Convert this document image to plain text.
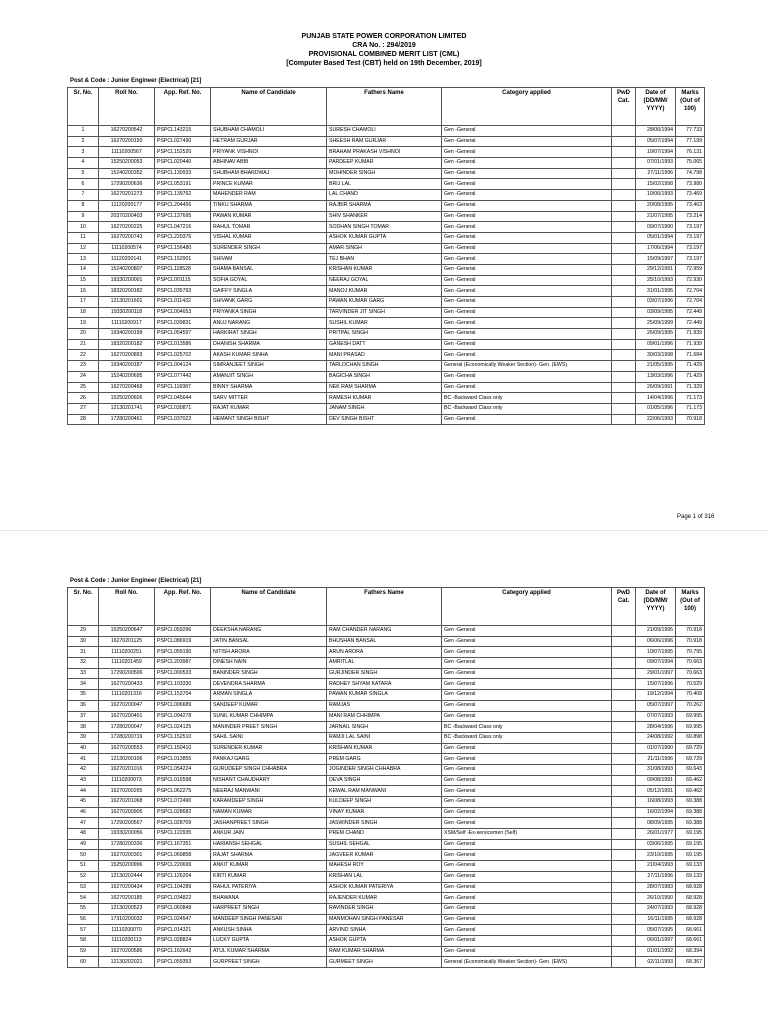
PUNJAB STATE POWER CORPORATION LIMITED
CRA No. : 294/2019
PROVISIONAL COMBINED MERIT LIST (CML)
[Computer Based Test (CBT) held on 19th December, 2019]
Post & Code : Junior Engineer (Electrical) [21]
Sr. No.	Roll No.	App. Ref. No.	Name of Candidate	Fathers Name	Category applied	PwD Cat.	Date of (DD/MM/ YYYY)	Marks (Out of 100)
1	16270200542	PSPCL143215	SHUBHAM CHAMOLI	SURESH CHAMOLI	Gen -General		28/06/1994	77.733
2	16270200150	PSPCL027490	HETRAM GURJAR	SHEESH RAM GURJAR	Gen -General		05/07/1994	77.199
3	11110200567	PSPCL152520	PRIYANK VISHNOI	BRAHAM PRAKASH VISHNOI	Gen -General		19/07/1994	76.131
4	15250200053	PSPCL020440	ABHINAV ABBI	PARDEEP KUMAR	Gen -General		07/01/1993	75.065
5	15240200352	PSPCL130933	SHUBHAM BHARDWAJ	MOHINDER SINGH	Gen -General		27/11/1996	74.798
6	17290200636	PSPCL053191	PRINCE KUMAR	BRIJ LAL	Gen -General		15/02/1998	73.980
7	16270201273	PSPCL139762	MAHENDER RAM	LAL CHAND	Gen -General		10/06/1993	73.469
8	11120200177	PSPCL204456	TINKU SHARMA	RAJBIR SHARMA	Gen -General		20/08/1995	73.463
9	20370200403	PSPCL137695	PAWAN KUMAR	SHIV SHANKER	Gen -General		21/07/1995	73.214
10	16270200225	PSPCL047216	RAHUL TOMAR	SODHAN SINGH TOMAR	Gen -General		09/07/1990	73.197
11	16270200743	PSPCL220376	VISHAL KUMAR	ASHOK KUMAR GUPTA	Gen -General		05/01/1994	73.197
12	11110200574	PSPCL156480	SURENDER SINGH	AMAR SINGH	Gen -General		17/06/1994	73.197
13	11120200141	PSPCL152901	SHIVAM	TEJ BHAN	Gen -General		15/09/1997	73.197
14	15240200807	PSPCL118528	SHAMA BANSAL	KRISHAN KUMAR	Gen -General		29/12/1991	72.959
15	19330200001	PSPCL001115	SOFIA GOYAL	NEERAJ GOYAL	Gen -General		25/10/1993	72.930
16	18320200182	PSPCL035793	GAIFFY SINGLA	MANOJ KUMAR	Gen -General		31/01/1995	72.704
17	12130201601	PSPCL011432	SHIVANK GARG	PAWAN KUMAR GARG	Gen -General		03/07/1996	72.704
18	19330200118	PSPCL004653	PRIYANKA SINGH	TARVINDER JIT SINGH	Gen -General		03/09/1995	72.449
19	11110200917	PSPCL039831	ANUJ NARANG	SUSHIL KUMAR	Gen -General		25/09/1999	72.449
20	19340200199	PSPCL054597	HARKIRAT SINGH	PRITPAL SINGH	Gen -General		26/09/1995	71.939
21	18320200182	PSPCL013586	DHANISH SHARMA	GANESH DATT	Gen -General		09/01/1996	71.939
22	16270200893	PSPCL025702	AKASH KUMAR SINHA	MANI PRASAD	Gen -General		30/03/1998	71.684
23	19340200187	PSPCL004124	SIMRANJEET SINGH	TARLOCHAN SINGH	General (Economically Weaker Section)- Gen. (EWS)		21/05/1995	71.429
24	15240200695	PSPCL077442	AMANJIT SINGH	BAGICHA SINGH	Gen -General		13/03/1996	71.429
25	16270200468	PSPCL116987	BINNY SHARMA	NEK RAM SHARMA	Gen -General		26/09/1991	71.329
26	15250200606	PSPCL045644	SARV MITTER	RAMESH KUMAR	BC -Backward Class only		14/04/1996	71.173
27	12130201741	PSPCL030871	RAJAT KUMAR	JANAM SINGH	BC -Backward Class only		01/05/1996	71.173
28	17280200461	PSPCL037022	HEMANT SINGH BISHT	DEV SINGH BISHT	Gen -General		22/06/1993	70.918
Page 1 of 316
Post & Code : Junior Engineer (Electrical) [21]
Sr. No.	Roll No.	App. Ref. No.	Name of Candidate	Fathers Name	Category applied	PwD Cat.	Date of (DD/MM/ YYYY)	Marks (Out of 100)
29	15250200647	PSPCL059296	DEEKSHA NARANG	RAM CHANDER NARANG	Gen -General		21/09/1995	70.918
30	16270201125	PSPCL086919	JATIN BANSAL	BHUSHAN BANSAL	Gen -General		06/06/1996	70.918
31	11110200251	PSPCL059190	NITISH ARORA	ARUN ARORA	Gen -General		10/07/1995	70.795
32	11110201459	PSPCL203987	DINESH NAIN	AMRITLAL	Gen -General		09/07/1994	70.663
33	17290200506	PSPCL000533	BANINDER SINGH	GURJINDER SINGH	Gen -General		29/01/1997	70.663
34	16270200433	PSPCL103330	DEVENDRA SHARMA	RADHEY SHYAM KATARA	Gen -General		15/07/1996	70.529
35	11110201316	PSPCL153704	ARMAN SINGLA	PAWAN KUMAR SINGLA	Gen -General		19/12/1994	70.408
36	16270200047	PSPCL006689	SANDEEP KUMAR	RAMJAS	Gen -General		05/07/1997	70.262
37	16270200401	PSPCL094278	SUNIL KUMAR CHHIMPA	MANI RAM CHHIMPA	Gen -General		07/07/1993	69.995
38	17280200047	PSPCL024125	MANINDER PREET SINGH	JARNAIL SINGH	BC -Backward Class only		28/04/1996	69.995
39	17280200719	PSPCL152510	SAHIL SAINI	RAMJI LAL SAINI	BC -Backward Class only		24/08/1992	69.898
40	16270200553	PSPCL150410	SURENDER KUMAR	KRISHAN KUMAR	Gen -General		01/07/1990	69.729
41	12130200106	PSPCL013855	PANKAJ GARG	PREM GARG	Gen -General		21/11/1996	69.729
42	16270201016	PSPCL054224	GURUDEEP SINGH CHHABRA	JOGINDER SINGH CHHABRA	Gen -General		31/08/1993	69.643
43	11110200073	PSPCL016598	NISHANT CHAUDHARY	DEVA SINGH	Gen -General		09/08/1991	69.462
44	16270200265	PSPCL062275	NEERAJ MANWANI	KEWAL RAM MANWANI	Gen -General		05/12/1991	69.462
45	16270201068	PSPCL072490	KARAMDEEP SINGH	KULDEEP SINGH	Gen -General		16/08/1993	69.388
46	16270200905	PSPCL028682	NAMAN KUMAR	VINAY KUMAR	Gen -General		16/02/1994	69.388
47	17290200567	PSPCL028709	JASHANPREET SINGH	JASWINDER SINGH	Gen -General		08/09/1995	69.388
48	19330200056	PSPCL122935	ANKUR JAIN	PREM CHAND	XSM/Self -Ex-servicemen (Self)		26/01/1977	69.195
49	17280200336	PSPCL167351	HARIANSH SEHGAL	SUSHIL SEHGAL	Gen -General		03/06/1995	69.195
50	16270200301	PSPCL069858	RAJAT SHARMA	JAGVEER KUMAR	Gen -General		23/10/1995	69.195
51	15250200996	PSPCL220699	ANKIT KUMAR	MAHESH ROY	Gen -General		21/04/1993	69.133
52	12130202444	PSPCL126204	KIRTI KUMAR	KRISHAN LAL	Gen -General		27/11/1996	69.133
53	16270200434	PSPCL104289	RAHUL PATERIYA	ASHOK KUMAR PATERIYA	Gen -General		28/07/1983	68.928
54	16270200185	PSPCL034822	BHAWANA	RAJENDER KUMAR	Gen -General		26/10/1990	68.928
55	12130200523	PSPCL060849	HARPREET SINGH	RAVINDER SINGH	Gen -General		24/07/1993	68.928
56	17310200032	PSPCL024547	MANDEEP SINGH PANESAR	MANMOHAN SINGH PANESAR	Gen -General		16/11/1995	68.928
57	11110200070	PSPCL014321	ANKUSH SINHA	ARVIND SINHA	Gen -General		05/07/1995	68.661
58	11110200113	PSPCL028824	LUCKY GUPTA	ASHOK GUPTA	Gen -General		06/01/1997	68.661
59	16270200586	PSPCL162642	ATUL KUMAR SHARMA	RAM KUMAR SHARMA	Gen -General		01/01/1992	68.394
60	12130202021	PSPCL059353	GURPREET SINGH	GURMEET SINGH	General (Economically Weaker Section)- Gen. (EWS)		02/11/1993	68.367
